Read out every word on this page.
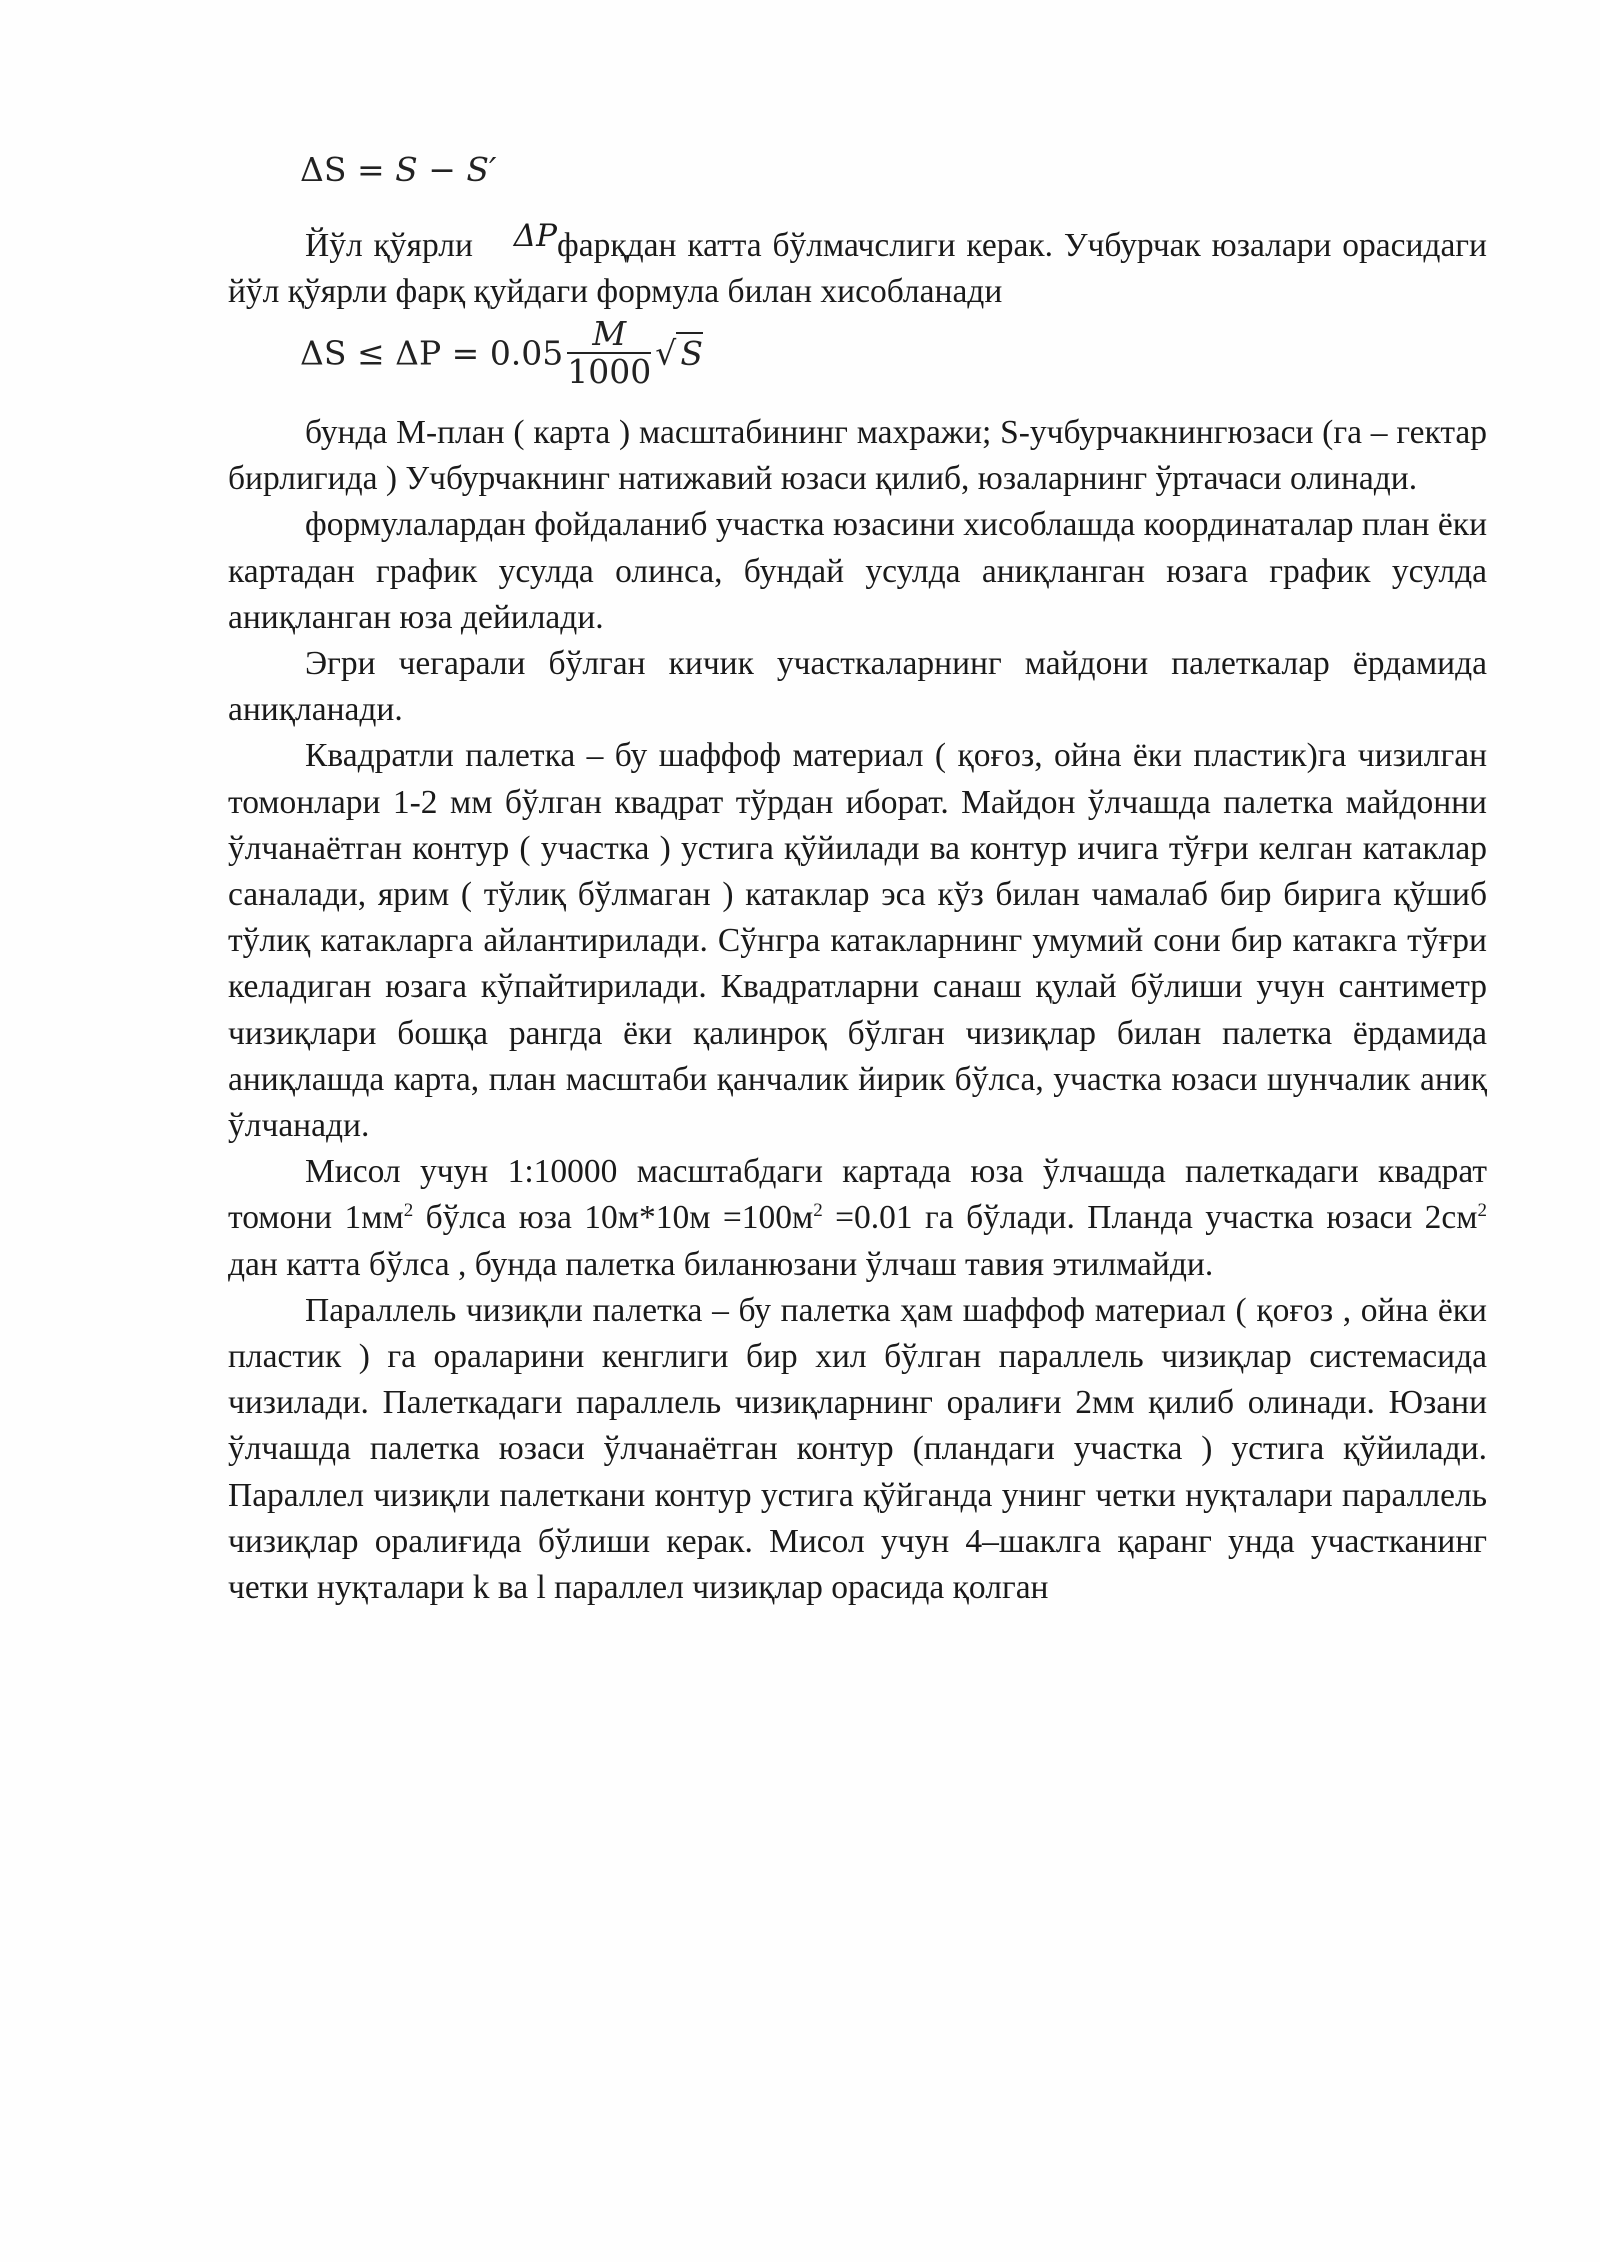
ΔS = S − S′

Йўл қўярли ΔPфарқдан катта бўлмачслиги керак. Учбурчак юзалари орасидаги йўл қўярли фарқ қуйдаги формула билан хисобланади

$\Delta S \le \Delta P = 0.05 \frac{M}{1000}$ √ S

бунда М-план ( карта ) масштабининг махражи; S-учбурчакнингюзаси (га – гектар бирлигида ) Учбурчакнинг натижавий юзаси қилиб, юзаларнинг ўртачаси олинади.

формулалардан фойдаланиб участка юзасини хисоблашда координаталар план ёки картадан график усулда олинса, бундай усулда аниқланган юзага график усулда аниқланган юза дейилади.

Эгри чегарали бўлган кичик участкаларнинг майдони палеткалар ёрдамида аниқланади.

Квадратли палетка – бу шаффоф материал ( қоғоз, ойна ёки пластик)га чизилган томонлари 1-2 мм бўлган квадрат тўрдан иборат. Майдон ўлчашда палетка майдонни ўлчанаётган контур ( участка ) устига қўйилади ва контур ичига тўғри келган катаклар саналади, ярим ( тўлиқ бўлмаган ) катаклар эса кўз билан чамалаб бир бирига қўшиб тўлиқ катакларга айлантирилади. Сўнгра катакларнинг умумий сони бир катакга тўғри келадиган юзага кўпайтирилади. Квадратларни санаш қулай бўлиши учун сантиметр чизиқлари бошқа рангда ёки қалинроқ бўлган чизиқлар билан палетка ёрдамида аниқлашда карта, план масштаби қанчалик йирик бўлса, участка юзаси шунчалик аниқ ўлчанади.

Мисол учун 1:10000 масштабдаги картада юза ўлчашда палеткадаги квадрат томони $1мм^2$ бўлса юза $10м*10м =100м^2 =0.01$ га бўлади. Планда участка юзаси $2см^2$ дан катта бўлса , бунда палетка биланюзани ўлчаш тавия этилмайди.

Параллель чизиқли палетка – бу палетка ҳам шаффоф материал ( қоғоз , ойна ёки пластик ) га ораларини кенглиги бир хил бўлган параллель чизиқлар системасида чизилади. Палеткадаги параллель чизиқларнинг оралиғи 2мм қилиб олинади. Юзани ўлчашда палетка юзаси ўлчанаётган контур (пландаги участка ) устига қўйилади. Параллел чизиқли палеткани контур устига қўйганда унинг четки нуқталари параллель чизиқлар оралиғида бўлиши керак. Мисол учун 4–шаклга қаранг унда участканинг четки нуқталари k ва l параллел чизиқлар орасида қолган
